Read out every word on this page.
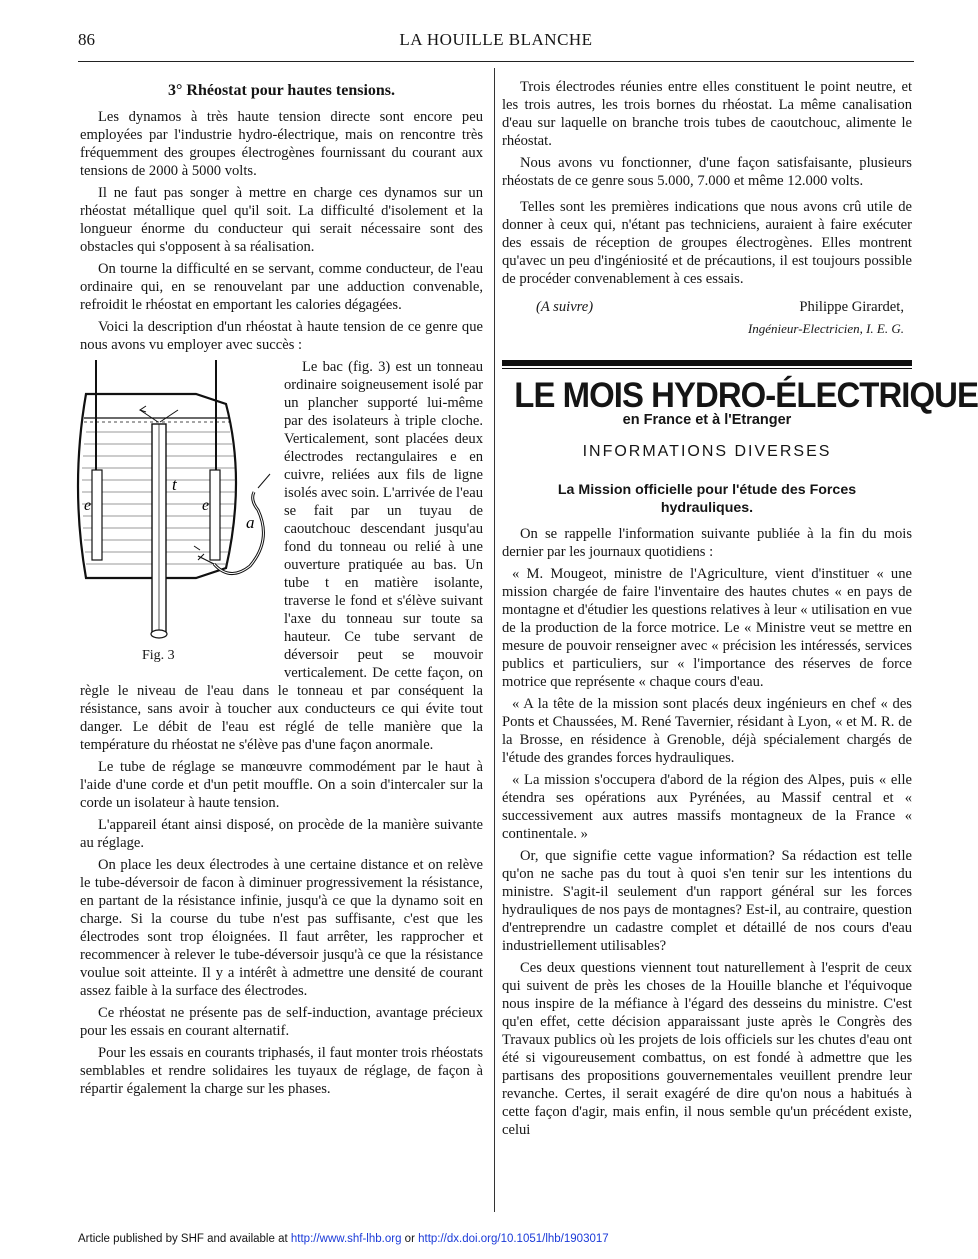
86	LA HOUILLE BLANCHE
3° Rhéostat pour hautes tensions.

Les dynamos à très haute tension directe sont encore peu employées par l'industrie hydro-électrique, mais on rencontre très fréquemment des groupes électrogènes fournissant du courant aux tensions de 2000 à 5000 volts.

Il ne faut pas songer à mettre en charge ces dynamos sur un rhéostat métallique quel qu'il soit. La difficulté d'isolement et la longueur énorme du conducteur qui serait nécessaire sont des obstacles qui s'opposent à sa réalisation.

On tourne la difficulté en se servant, comme conducteur, de l'eau ordinaire qui, en se renouvelant par une adduction convenable, refroidit le rhéostat en emportant les calories dégagées.

Voici la description d'un rhéostat à haute tension de ce genre que nous avons vu employer avec succès :

e	e
t
a
Fig. 3

Le bac (fig. 3) est un tonneau ordinaire soigneusement isolé par un plancher supporté lui-même par des isolateurs à triple cloche. Verticalement, sont placées deux électrodes rectangulaires e en cuivre, reliées aux fils de ligne isolés avec soin. L'arrivée de l'eau se fait par un tuyau de caoutchouc descendant jusqu'au fond du tonneau ou relié à une ouverture pratiquée au bas. Un tube t en matière isolante, traverse le fond et s'élève suivant l'axe du tonneau sur toute sa hauteur. Ce tube servant de déversoir peut se mouvoir verticalement. De cette façon, on règle le niveau de l'eau dans le tonneau et par conséquent la résistance, sans avoir à toucher aux conducteurs ce qui évite tout danger. Le débit de l'eau est réglé de telle manière que la température du rhéostat ne s'élève pas d'une façon anormale.

Le tube de réglage se manœuvre commodément par le haut à l'aide d'une corde et d'un petit mouffle. On a soin d'intercaler sur la corde un isolateur à haute tension.

L'appareil étant ainsi disposé, on procède de la manière suivante au réglage.

On place les deux électrodes à une certaine distance et on relève le tube-déversoir de facon à diminuer progressivement la résistance, en partant de la résistance infinie, jusqu'à ce que la dynamo soit en charge. Si la course du tube n'est pas suffisante, c'est que les électrodes sont trop éloignées. Il faut arrêter, les rapprocher et recommencer à relever le tube-déversoir jusqu'à ce que la résistance voulue soit atteinte. Il y a intérêt à admettre une densité de courant assez faible à la surface des électrodes.

Ce rhéostat ne présente pas de self-induction, avantage précieux pour les essais en courant alternatif.

Pour les essais en courants triphasés, il faut monter trois rhéostats semblables et rendre solidaires les tuyaux de réglage, de façon à répartir également la charge sur les phases.

Trois électrodes réunies entre elles constituent le point neutre, et les trois autres, les trois bornes du rhéostat. La même canalisation d'eau sur laquelle on branche trois tubes de caoutchouc, alimente le rhéostat.

Nous avons vu fonctionner, d'une façon satisfaisante, plusieurs rhéostats de ce genre sous 5.000, 7.000 et même 12.000 volts.

Telles sont les premières indications que nous avons crû utile de donner à ceux qui, n'étant pas techniciens, auraient à faire exécuter des essais de réception de groupes électrogènes. Elles montrent qu'avec un peu d'ingéniosité et de précautions, il est toujours possible de procéder convenablement à ces essais.

(A suivre)	Philippe Girardet,
Ingénieur-Electricien, I. E. G.
LE MOIS HYDRO-ÉLECTRIQUE
en France et à l'Etranger
INFORMATIONS DIVERSES
La Mission officielle pour l'étude des Forces hydrauliques.

On se rappelle l'information suivante publiée à la fin du mois dernier par les journaux quotidiens :

« M. Mougeot, ministre de l'Agriculture, vient d'instituer « une mission chargée de faire l'inventaire des hautes chutes « en pays de montagne et d'étudier les questions relatives à leur « utilisation en vue de la production de la force motrice. Le « Ministre veut se mettre en mesure de pouvoir renseigner avec « précision les intéressés, services publics et particuliers, sur « l'importance des réserves de force motrice que représente « chaque cours d'eau.

« A la tête de la mission sont placés deux ingénieurs en chef « des Ponts et Chaussées, M. René Tavernier, résidant à Lyon, « et M. R. de la Brosse, en résidence à Grenoble, déjà spécialement chargés de l'étude des grandes forces hydrauliques.

« La mission s'occupera d'abord de la région des Alpes, puis « elle étendra ses opérations aux Pyrénées, au Massif central et « successivement aux autres massifs montagneux de la France « continentale. »

Or, que signifie cette vague information? Sa rédaction est telle qu'on ne sache pas du tout à quoi s'en tenir sur les intentions du ministre. S'agit-il seulement d'un rapport général sur les forces hydrauliques de nos pays de montagnes? Est-il, au contraire, question d'entreprendre un cadastre complet et détaillé de nos cours d'eau industriellement utilisables?

Ces deux questions viennent tout naturellement à l'esprit de ceux qui suivent de près les choses de la Houille blanche et l'équivoque nous inspire de la méfiance à l'égard des desseins du ministre. C'est qu'en effet, cette décision apparaissant juste après le Congrès des Travaux publics où les projets de lois officiels sur les chutes d'eau ont été si vigoureusement combattus, on est fondé à admettre que les partisans des propositions gouvernementales veuillent prendre leur revanche. Certes, il serait exagéré de dire qu'on nous a habitués à cette façon d'agir, mais enfin, il nous semble qu'un précédent existe, celui

Article published by SHF and available at http://www.shf-lhb.org or http://dx.doi.org/10.1051/lhb/1903017
